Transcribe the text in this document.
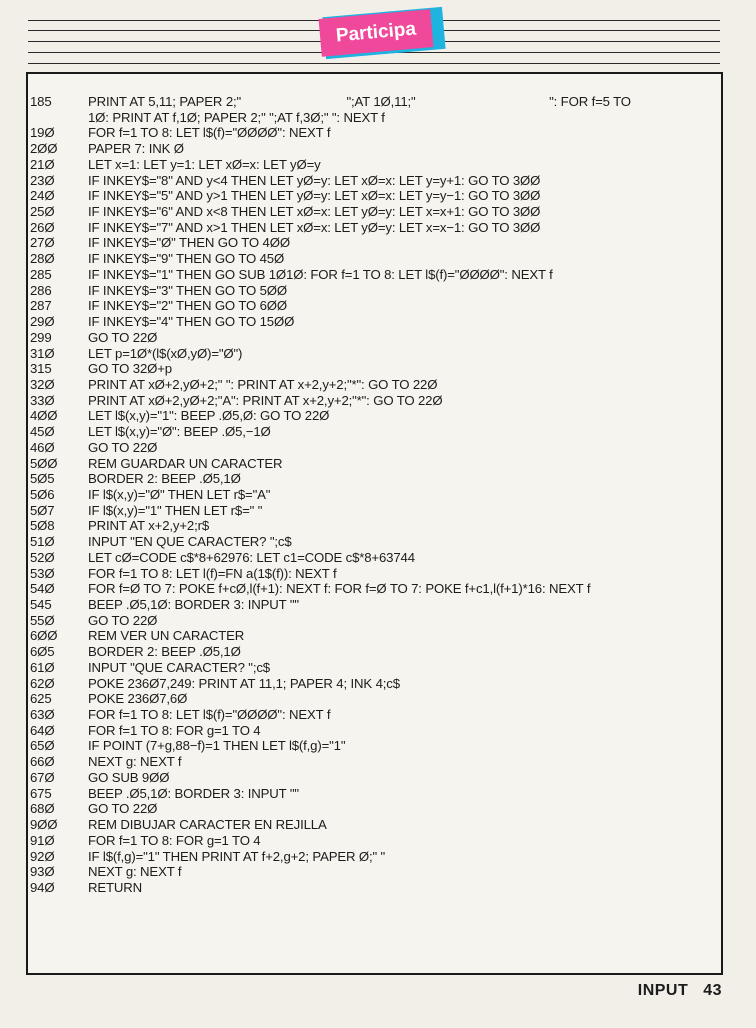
Participa
185	PRINT AT 5,11; PAPER 2;"                              ";AT 1Ø,11;"                                      ": FOR f=5 TO
1Ø: PRINT AT f,1Ø; PAPER 2;" ";AT f,3Ø;" ": NEXT f
19Ø	FOR f=1 TO 8: LET l$(f)="ØØØØ": NEXT f
2ØØ	PAPER 7: INK Ø
21Ø	LET x=1: LET y=1: LET xØ=x: LET yØ=y
23Ø	IF INKEY$="8" AND y<4 THEN LET yØ=y: LET xØ=x: LET y=y+1: GO TO 3ØØ
24Ø	IF INKEY$="5" AND y>1 THEN LET yØ=y: LET xØ=x: LET y=y−1: GO TO 3ØØ
25Ø	IF INKEY$="6" AND x<8 THEN LET xØ=x: LET yØ=y: LET x=x+1: GO TO 3ØØ
26Ø	IF INKEY$="7" AND x>1 THEN LET xØ=x: LET yØ=y: LET x=x−1: GO TO 3ØØ
27Ø	IF INKEY$="Ø" THEN GO TO 4ØØ
28Ø	IF INKEY$="9" THEN GO TO 45Ø
285	IF INKEY$="1" THEN GO SUB 1Ø1Ø: FOR f=1 TO 8: LET l$(f)="ØØØØ": NEXT f
286	IF INKEY$="3" THEN GO TO 5ØØ
287	IF INKEY$="2" THEN GO TO 6ØØ
29Ø	IF INKEY$="4" THEN GO TO 15ØØ
299	GO TO 22Ø
31Ø	LET p=1Ø*(l$(xØ,yØ)="Ø")
315	GO TO 32Ø+p
32Ø	PRINT AT xØ+2,yØ+2;" ": PRINT AT x+2,y+2;"*": GO TO 22Ø
33Ø	PRINT AT xØ+2,yØ+2;"A": PRINT AT x+2,y+2;"*": GO TO 22Ø
4ØØ	LET l$(x,y)="1": BEEP .Ø5,Ø: GO TO 22Ø
45Ø	LET l$(x,y)="Ø": BEEP .Ø5,−1Ø
46Ø	GO TO 22Ø
5ØØ	REM GUARDAR UN CARACTER
5Ø5	BORDER 2: BEEP .Ø5,1Ø
5Ø6	IF l$(x,y)="Ø" THEN LET r$="A"
5Ø7	IF l$(x,y)="1" THEN LET r$=" "
5Ø8	PRINT AT x+2,y+2;r$
51Ø	INPUT "EN QUE CARACTER? ";c$
52Ø	LET cØ=CODE c$*8+62976: LET c1=CODE c$*8+63744
53Ø	FOR f=1 TO 8: LET l(f)=FN a(1$(f)): NEXT f
54Ø	FOR f=Ø TO 7: POKE f+cØ,l(f+1): NEXT f: FOR f=Ø TO 7: POKE f+c1,l(f+1)*16: NEXT f
545	BEEP .Ø5,1Ø: BORDER 3: INPUT ""
55Ø	GO TO 22Ø
6ØØ	REM VER UN CARACTER
6Ø5	BORDER 2: BEEP .Ø5,1Ø
61Ø	INPUT "QUE CARACTER? ";c$
62Ø	POKE 236Ø7,249: PRINT AT 11,1; PAPER 4; INK 4;c$
625	POKE 236Ø7,6Ø
63Ø	FOR f=1 TO 8: LET l$(f)="ØØØØ": NEXT f
64Ø	FOR f=1 TO 8: FOR g=1 TO 4
65Ø	IF POINT (7+g,88−f)=1 THEN LET l$(f,g)="1"
66Ø	NEXT g: NEXT f
67Ø	GO SUB 9ØØ
675	BEEP .Ø5,1Ø: BORDER 3: INPUT ""
68Ø	GO TO 22Ø
9ØØ	REM DIBUJAR CARACTER EN REJILLA
91Ø	FOR f=1 TO 8: FOR g=1 TO 4
92Ø	IF l$(f,g)="1" THEN PRINT AT f+2,g+2; PAPER Ø;" "
93Ø	NEXT g: NEXT f
94Ø	RETURN
INPUT 43
